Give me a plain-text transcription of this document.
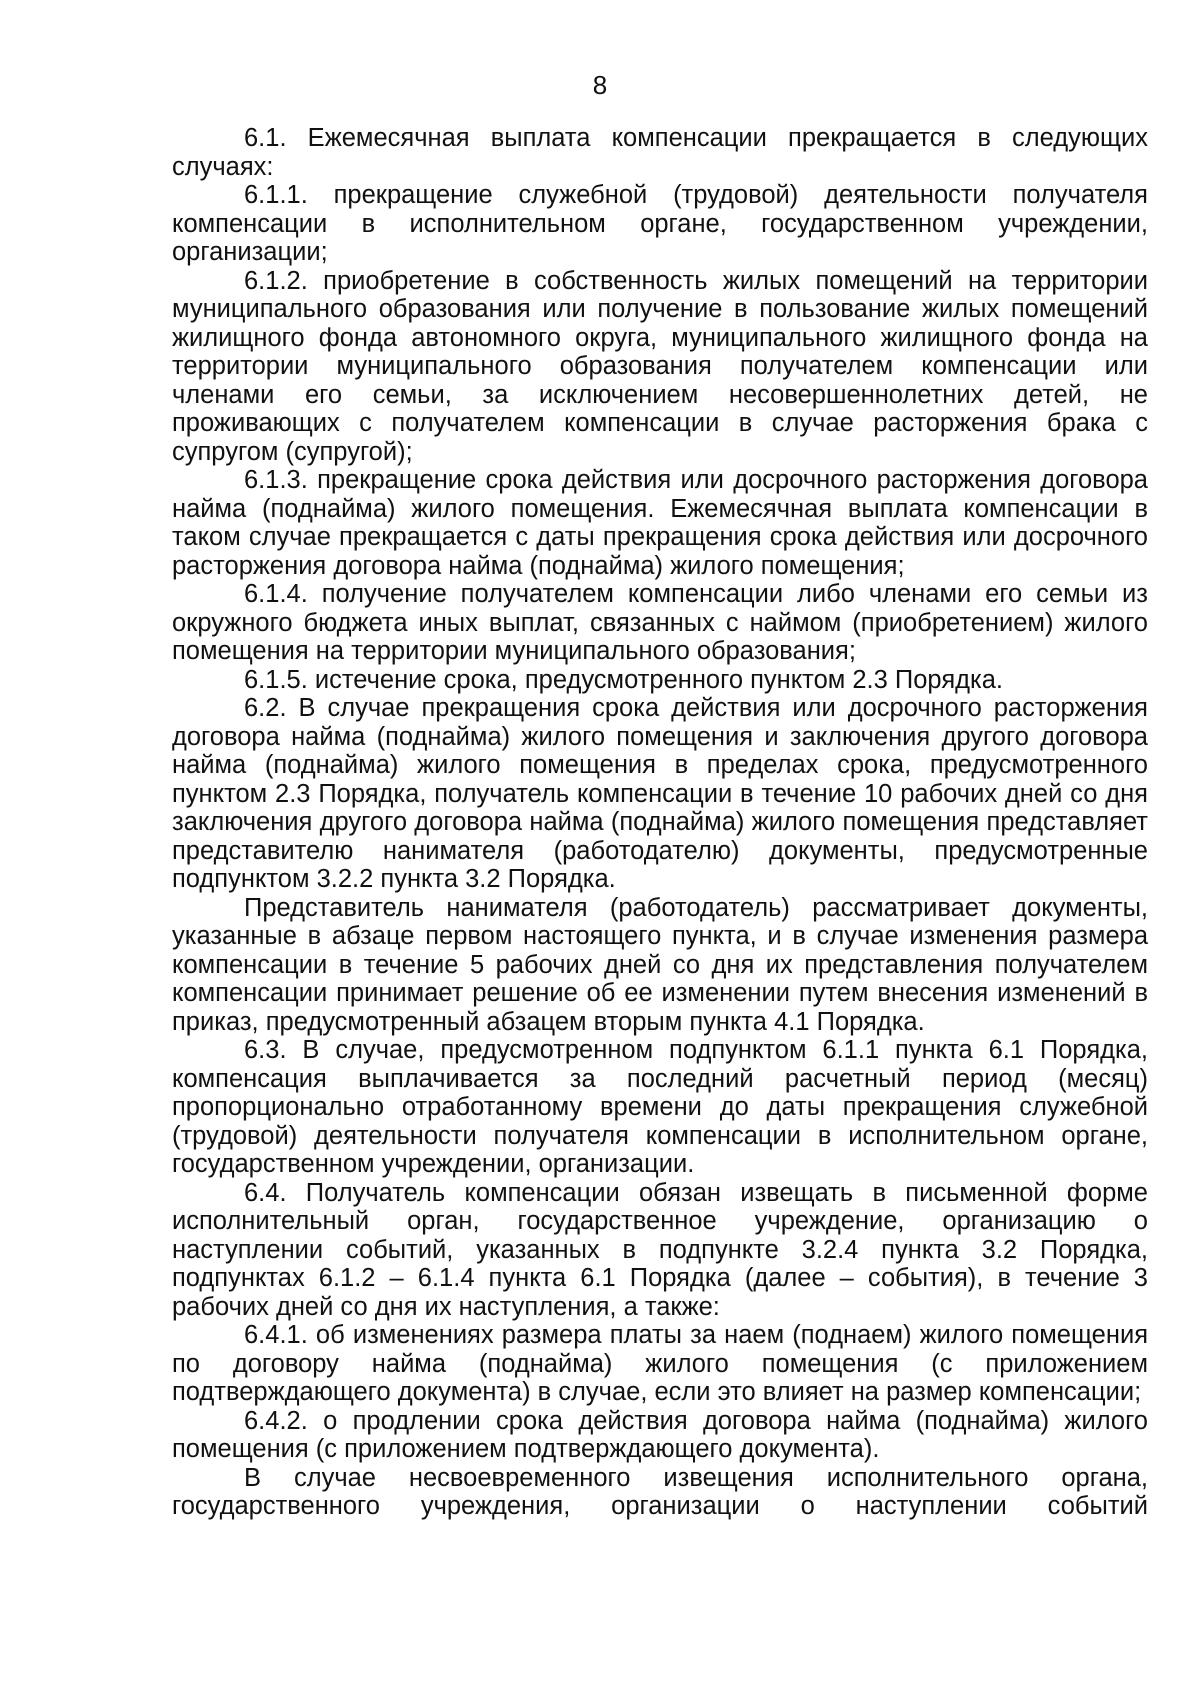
8

6.1. Ежемесячная выплата компенсации прекращается в следующих случаях:

6.1.1. прекращение служебной (трудовой) деятельности получателя компенсации в исполнительном органе, государственном учреждении, организации;

6.1.2. приобретение в собственность жилых помещений на территории муниципального образования или получение в пользование жилых помещений жилищного фонда автономного округа, муниципального жилищного фонда на территории муниципального образования получателем компенсации или членами его семьи, за исключением несовершеннолетних детей, не проживающих с получателем компенсации в случае расторжения брака с супругом (супругой);

6.1.3. прекращение срока действия или досрочного расторжения договора найма (поднайма) жилого помещения. Ежемесячная выплата компенсации в таком случае прекращается с даты прекращения срока действия или досрочного расторжения договора найма (поднайма) жилого помещения;

6.1.4. получение получателем компенсации либо членами его семьи из окружного бюджета иных выплат, связанных с наймом (приобретением) жилого помещения на территории муниципального образования;

6.1.5. истечение срока, предусмотренного пунктом 2.3 Порядка.

6.2. В случае прекращения срока действия или досрочного расторжения договора найма (поднайма) жилого помещения и заключения другого договора найма (поднайма) жилого помещения в пределах срока, предусмотренного пунктом 2.3 Порядка, получатель компенсации в течение 10 рабочих дней со дня заключения другого договора найма (поднайма) жилого помещения представляет представителю нанимателя (работодателю) документы, предусмотренные подпунктом 3.2.2 пункта 3.2 Порядка.

Представитель нанимателя (работодатель) рассматривает документы, указанные в абзаце первом настоящего пункта, и в случае изменения размера компенсации в течение 5 рабочих дней со дня их представления получателем компенсации принимает решение об ее изменении путем внесения изменений в приказ, предусмотренный абзацем вторым пункта 4.1 Порядка.

6.3. В случае, предусмотренном подпунктом 6.1.1 пункта 6.1 Порядка, компенсация выплачивается за последний расчетный период (месяц) пропорционально отработанному времени до даты прекращения служебной (трудовой) деятельности получателя компенсации в исполнительном органе, государственном учреждении, организации.

6.4. Получатель компенсации обязан извещать в письменной форме исполнительный орган, государственное учреждение, организацию о наступлении событий, указанных в подпункте 3.2.4 пункта 3.2 Порядка, подпунктах 6.1.2 – 6.1.4 пункта 6.1 Порядка (далее – события), в течение 3 рабочих дней со дня их наступления, а также:

6.4.1. об изменениях размера платы за наем (поднаем) жилого помещения по договору найма (поднайма) жилого помещения (с приложением подтверждающего документа) в случае, если это влияет на размер компенсации;

6.4.2. о продлении срока действия договора найма (поднайма) жилого помещения (с приложением подтверждающего документа).

В случае несвоевременного извещения исполнительного органа, государственного учреждения, организации о наступлении событий
